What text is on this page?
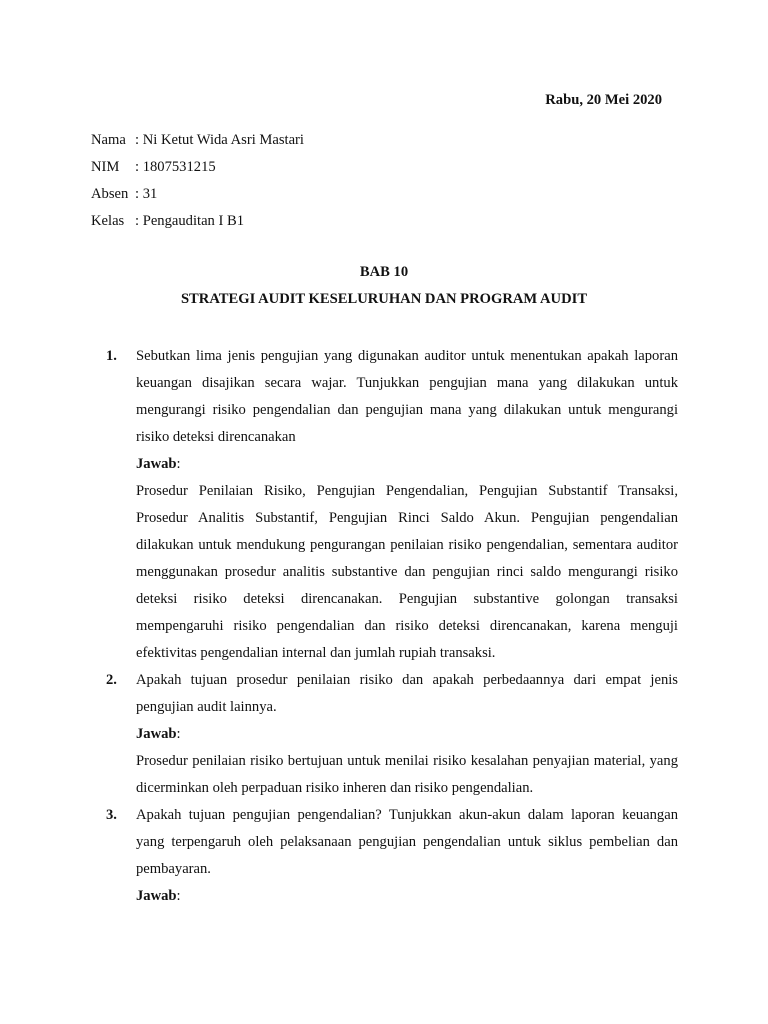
Rabu, 20 Mei 2020
Nama : Ni Ketut Wida Asri Mastari
NIM : 1807531215
Absen : 31
Kelas : Pengauditan I B1
BAB 10
STRATEGI AUDIT KESELURUHAN DAN PROGRAM AUDIT
1. Sebutkan lima jenis pengujian yang digunakan auditor untuk menentukan apakah laporan keuangan disajikan secara wajar. Tunjukkan pengujian mana yang dilakukan untuk mengurangi risiko pengendalian dan pengujian mana yang dilakukan untuk mengurangi risiko deteksi direncanakan
Jawab:
Prosedur Penilaian Risiko, Pengujian Pengendalian, Pengujian Substantif Transaksi, Prosedur Analitis Substantif, Pengujian Rinci Saldo Akun. Pengujian pengendalian dilakukan untuk mendukung pengurangan penilaian risiko pengendalian, sementara auditor menggunakan prosedur analitis substantive dan pengujian rinci saldo mengurangi risiko deteksi risiko deteksi direncanakan. Pengujian substantive golongan transaksi mempengaruhi risiko pengendalian dan risiko deteksi direncanakan, karena menguji efektivitas pengendalian internal dan jumlah rupiah transaksi.
2. Apakah tujuan prosedur penilaian risiko dan apakah perbedaannya dari empat jenis pengujian audit lainnya.
Jawab:
Prosedur penilaian risiko bertujuan untuk menilai risiko kesalahan penyajian material, yang dicerminkan oleh perpaduan risiko inheren dan risiko pengendalian.
3. Apakah tujuan pengujian pengendalian? Tunjukkan akun-akun dalam laporan keuangan yang terpengaruh oleh pelaksanaan pengujian pengendalian untuk siklus pembelian dan pembayaran.
Jawab:
